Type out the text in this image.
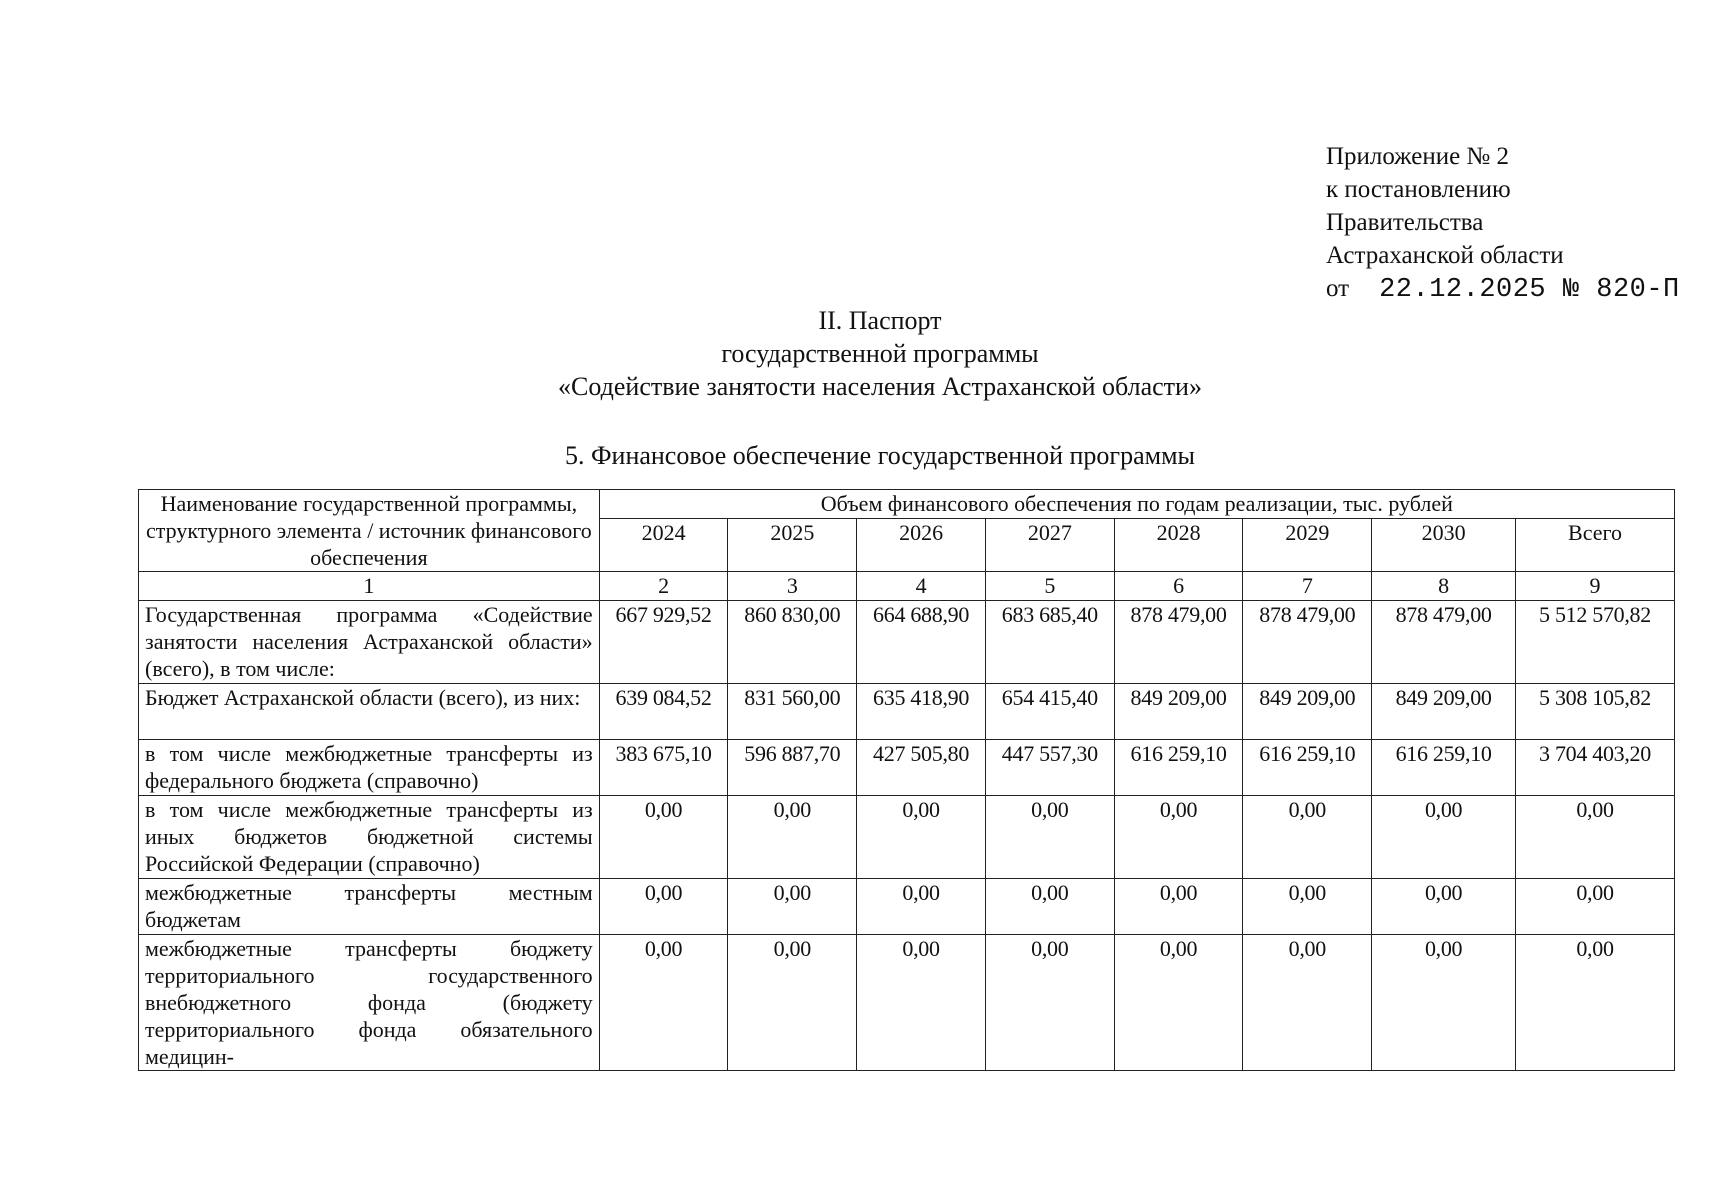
Приложение № 2
к постановлению
Правительства
Астраханской области
от 22.12.2025 № 820-П
II. Паспорт
государственной программы
«Содействие занятости населения Астраханской области»
5. Финансовое обеспечение государственной программы
Наименование государственной программы, структурного элемента / источник финансового обеспечения	Объем финансового обеспечения по годам реализации, тыс. рублей							
	2024	2025	2026	2027	2028	2029	2030	Всего
1	2	3	4	5	6	7	8	9
Государственная программа «Содействие занятости населения Астраханской области» (всего), в том числе:	667 929,52	860 830,00	664 688,90	683 685,40	878 479,00	878 479,00	878 479,00	5 512 570,82
Бюджет Астраханской области (всего), из них:	639 084,52	831 560,00	635 418,90	654 415,40	849 209,00	849 209,00	849 209,00	5 308 105,82
в том числе межбюджетные трансферты из федерального бюджета (справочно)	383 675,10	596 887,70	427 505,80	447 557,30	616 259,10	616 259,10	616 259,10	3 704 403,20
в том числе межбюджетные трансферты из иных бюджетов бюджетной системы Российской Федерации (справочно)	0,00	0,00	0,00	0,00	0,00	0,00	0,00	0,00
межбюджетные трансферты местным бюджетам	0,00	0,00	0,00	0,00	0,00	0,00	0,00	0,00
межбюджетные трансферты бюджету территориального государственного внебюджетного фонда (бюджету территориального фонда обязательного медицин-	0,00	0,00	0,00	0,00	0,00	0,00	0,00	0,00
